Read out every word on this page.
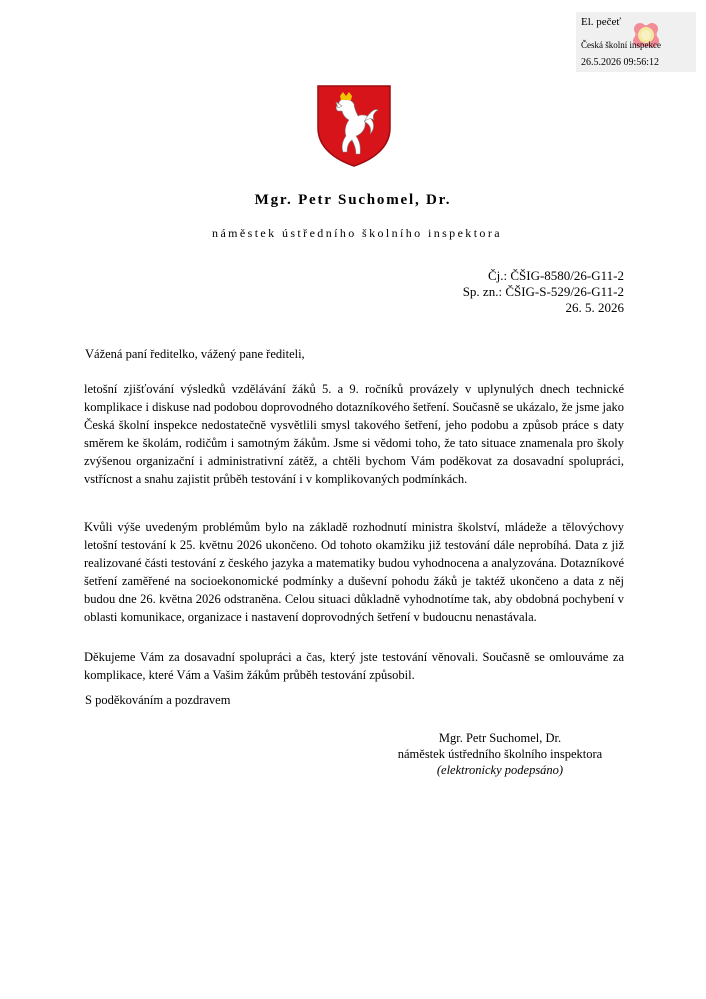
El. pečeť
Česká školní inspekce
26.5.2026 09:56:12
Mgr. Petr Suchomel, Dr.
náměstek ústředního školního inspektora
Čj.: ČŠIG-8580/26-G11-2
Sp. zn.: ČŠIG-S-529/26-G11-2
26. 5. 2026
Vážená paní ředitelko, vážený pane řediteli,
letošní zjišťování výsledků vzdělávání žáků 5. a 9. ročníků provázely v uplynulých dnech technické komplikace i diskuse nad podobou doprovodného dotazníkového šetření. Současně se ukázalo, že jsme jako Česká školní inspekce nedostatečně vysvětlili smysl takového šetření, jeho podobu a způsob práce s daty směrem ke školám, rodičům i samotným žákům. Jsme si vědomi toho, že tato situace znamenala pro školy zvýšenou organizační i administrativní zátěž, a chtěli bychom Vám poděkovat za dosavadní spolupráci, vstřícnost a snahu zajistit průběh testování i v komplikovaných podmínkách.
Kvůli výše uvedeným problémům bylo na základě rozhodnutí ministra školství, mládeže a tělovýchovy letošní testování k 25. květnu 2026 ukončeno. Od tohoto okamžiku již testování dále neprobíhá. Data z již realizované části testování z českého jazyka a matematiky budou vyhodnocena a analyzována. Dotazníkové šetření zaměřené na socioekonomické podmínky a duševní pohodu žáků je taktéž ukončeno a data z něj budou dne 26. května 2026 odstraněna. Celou situaci důkladně vyhodnotíme tak, aby obdobná pochybení v oblasti komunikace, organizace i nastavení doprovodných šetření v budoucnu nenastávala.
Děkujeme Vám za dosavadní spolupráci a čas, který jste testování věnovali. Současně se omlouváme za komplikace, které Vám a Vašim žákům průběh testování způsobil.
S poděkováním a pozdravem
Mgr. Petr Suchomel, Dr.
náměstek ústředního školního inspektora
(elektronicky podepsáno)
